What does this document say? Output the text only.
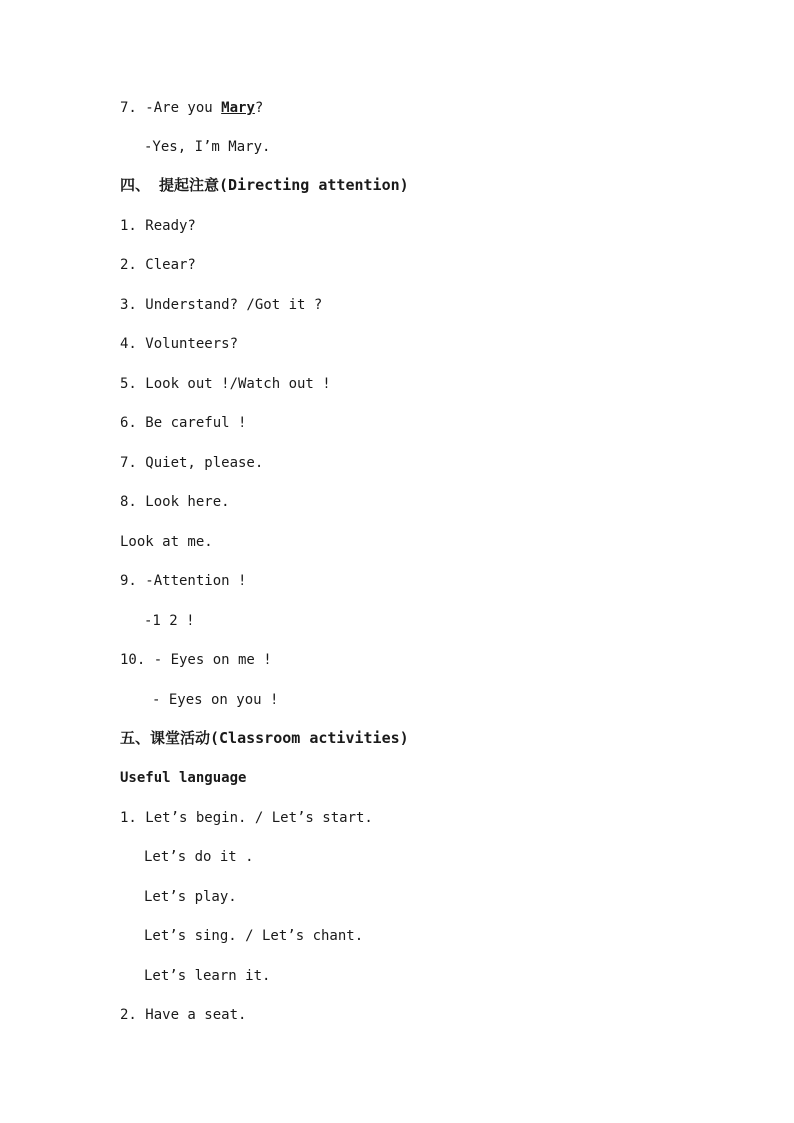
7. -Are you Mary?
-Yes, I’m Mary.
四、 提起注意(Directing attention)
1. Ready?
2. Clear?
3. Understand? /Got it ?
4. Volunteers?
5. Look out !/Watch out !
6. Be careful !
7. Quiet, please.
8. Look here.
Look at me.
9. -Attention !
-1 2 !
10. - Eyes on me !
- Eyes on you !
五、课堂活动(Classroom activities)
Useful language
1. Let’s begin. / Let’s start.
Let’s do it .
Let’s play.
Let’s sing. / Let’s chant.
Let’s learn it.
2. Have a seat.
